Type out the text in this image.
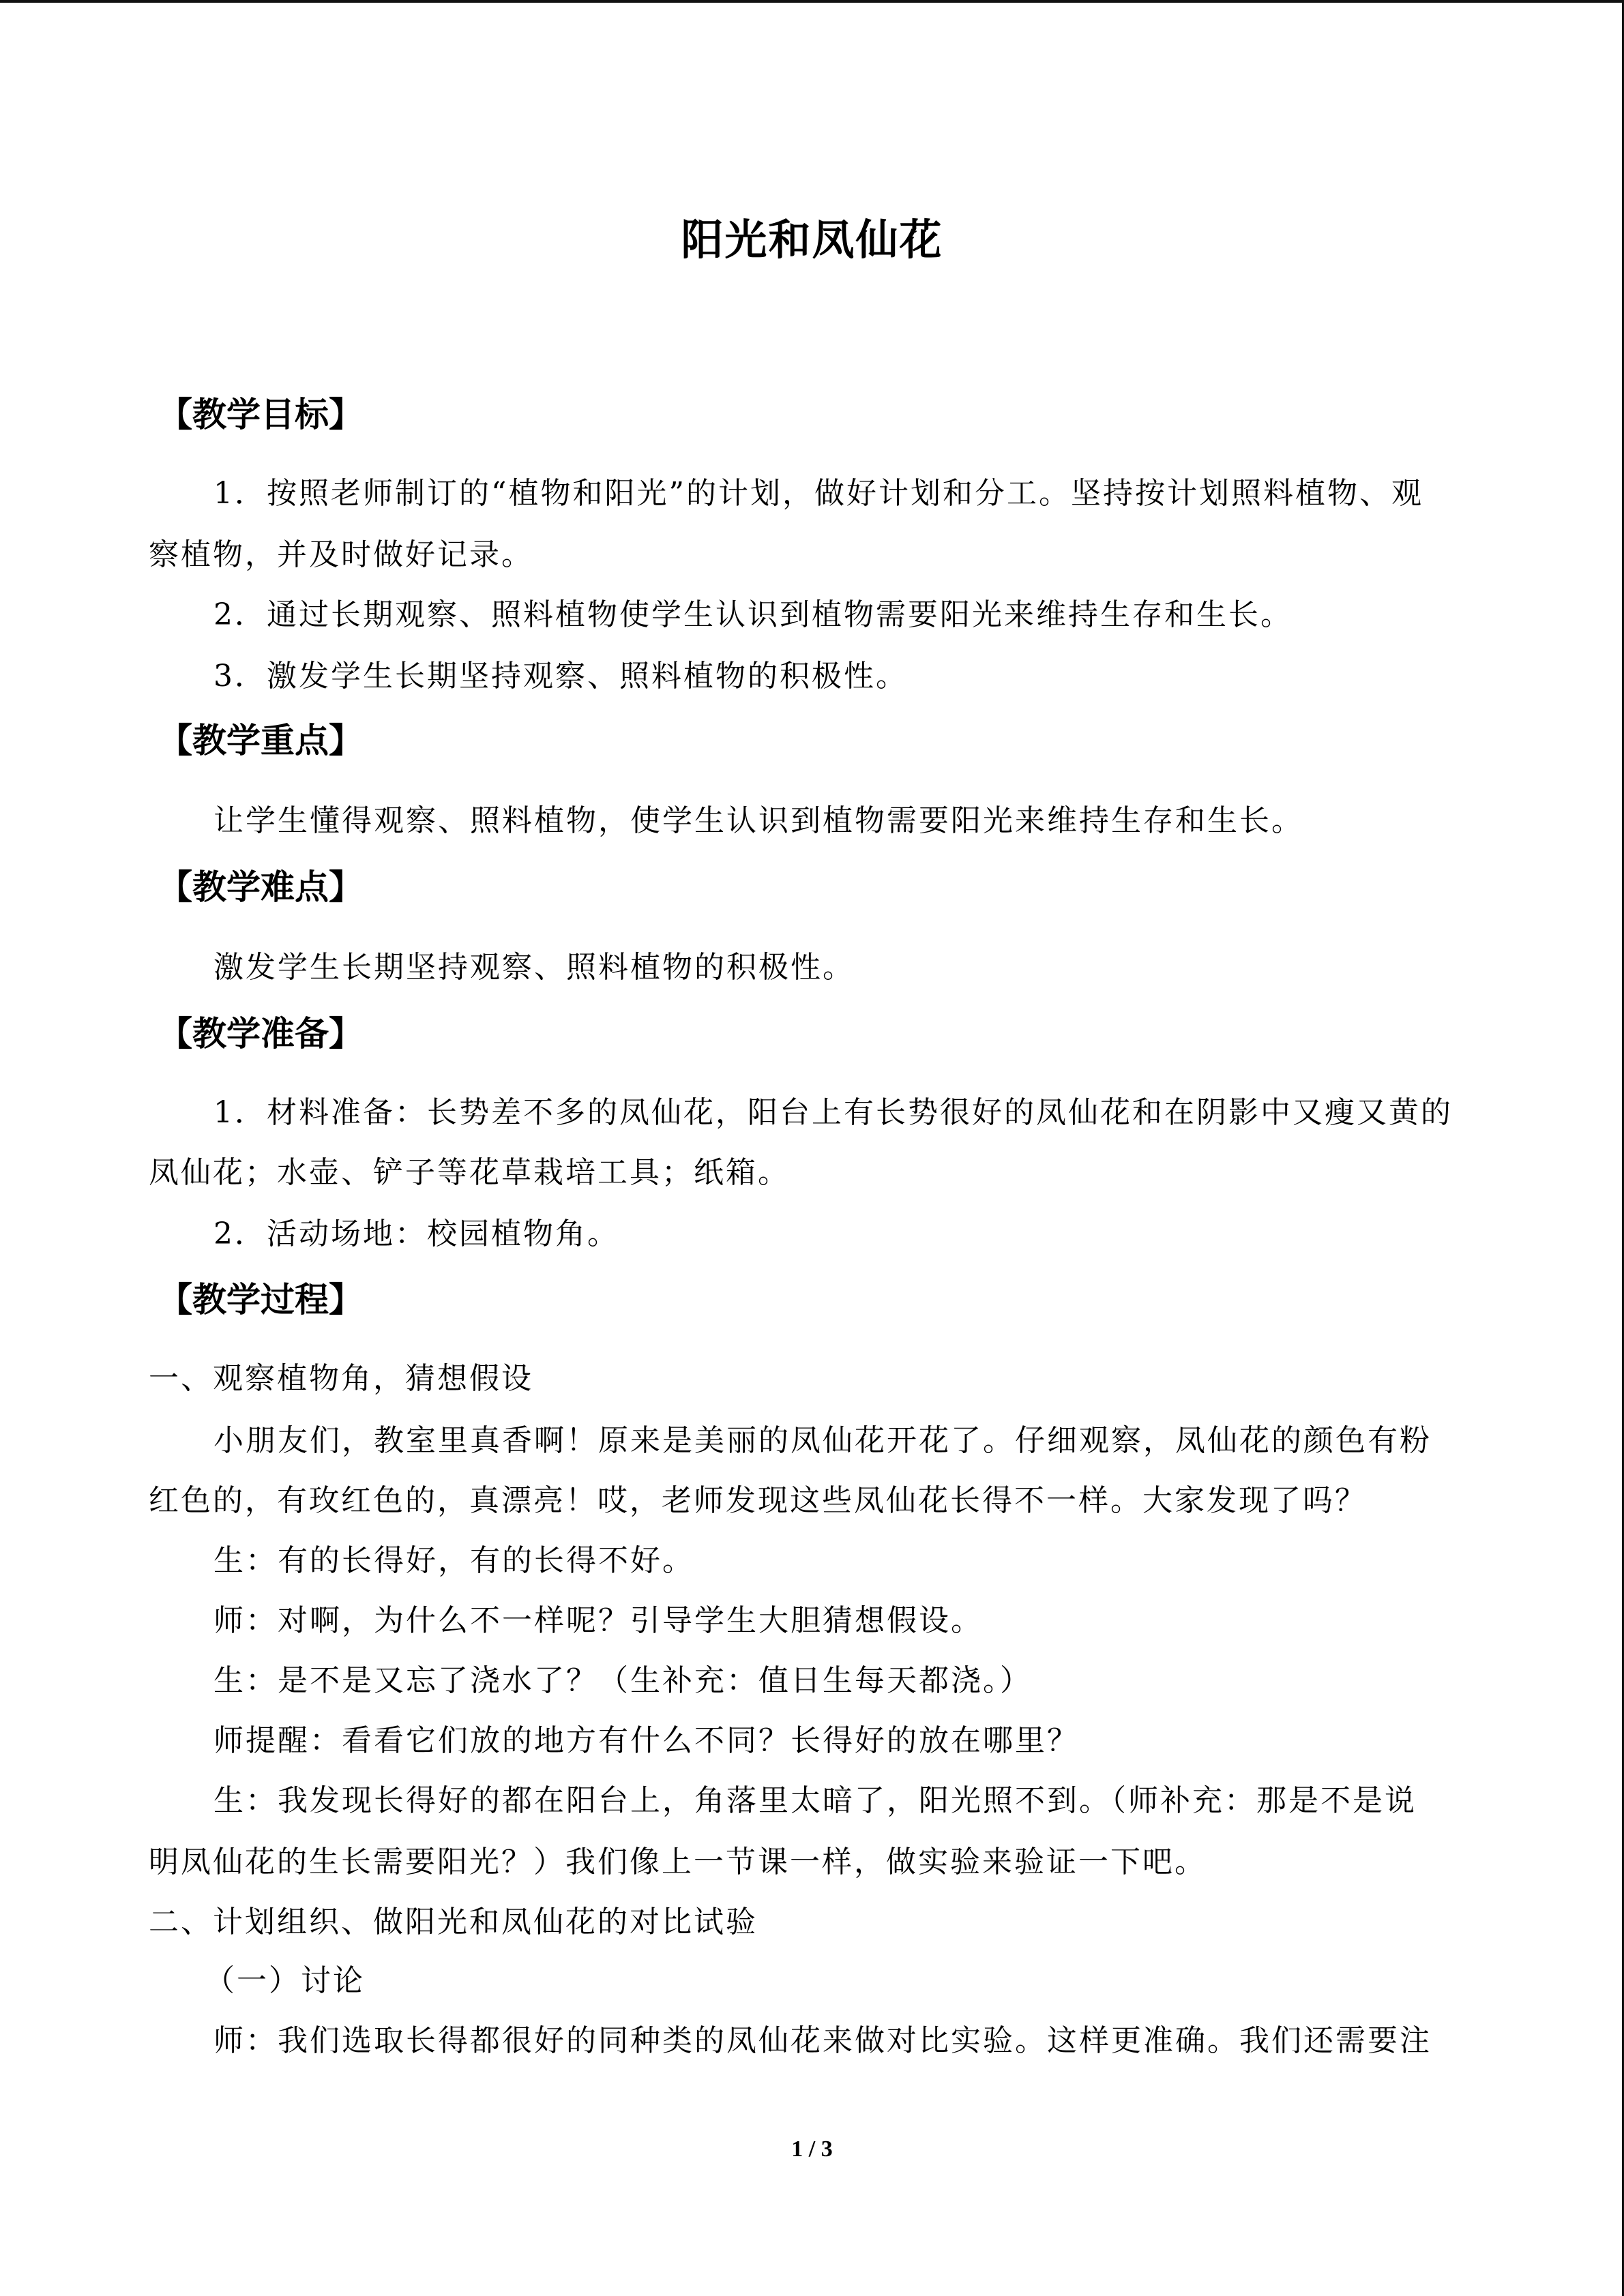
阳光和凤仙花
【教学目标】
1．按照老师制订的“植物和阳光”的计划，做好计划和分工。坚持按计划照料植物、观
察植物，并及时做好记录。
2．通过长期观察、照料植物使学生认识到植物需要阳光来维持生存和生长。
3．激发学生长期坚持观察、照料植物的积极性。
【教学重点】
让学生懂得观察、照料植物，使学生认识到植物需要阳光来维持生存和生长。
【教学难点】
激发学生长期坚持观察、照料植物的积极性。
【教学准备】
1．材料准备：长势差不多的凤仙花，阳台上有长势很好的凤仙花和在阴影中又瘦又黄的
凤仙花；水壶、铲子等花草栽培工具；纸箱。
2．活动场地：校园植物角。
【教学过程】
一、观察植物角，猜想假设
小朋友们，教室里真香啊！原来是美丽的凤仙花开花了。仔细观察，凤仙花的颜色有粉
红色的，有玫红色的，真漂亮！哎，老师发现这些凤仙花长得不一样。大家发现了吗？
生：有的长得好，有的长得不好。
师：对啊，为什么不一样呢？引导学生大胆猜想假设。
生：是不是又忘了浇水了？（生补充：值日生每天都浇。）
师提醒：看看它们放的地方有什么不同？长得好的放在哪里？
生：我发现长得好的都在阳台上，角落里太暗了，阳光照不到。（师补充：那是不是说
明凤仙花的生长需要阳光？）我们像上一节课一样，做实验来验证一下吧。
二、计划组织、做阳光和凤仙花的对比试验
（一）讨论
师：我们选取长得都很好的同种类的凤仙花来做对比实验。这样更准确。我们还需要注
1 / 3
